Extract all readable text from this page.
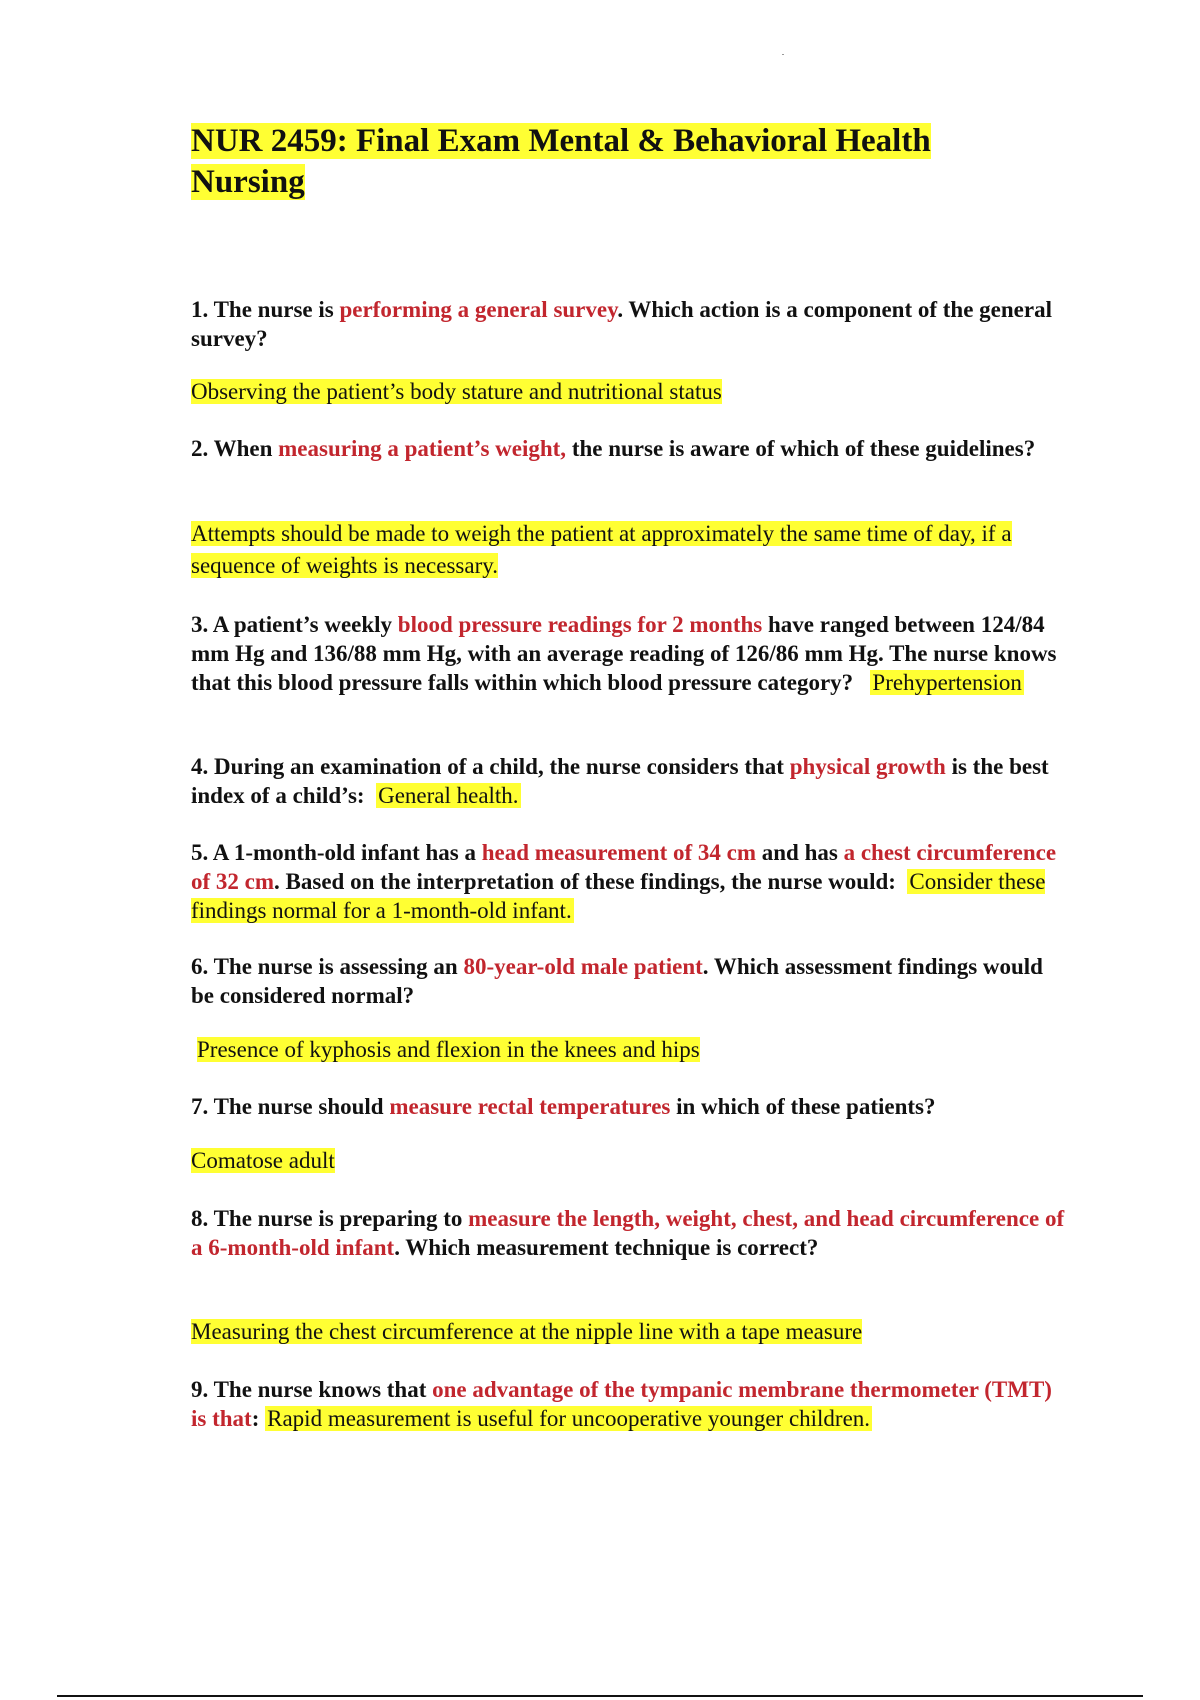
NUR 2459: Final Exam Mental & Behavioral Health Nursing

1. The nurse is performing a general survey. Which action is a component of the general survey?

Observing the patient’s body stature and nutritional status

2. When measuring a patient’s weight, the nurse is aware of which of these guidelines?

Attempts should be made to weigh the patient at approximately the same time of day, if a sequence of weights is necessary.

3. A patient’s weekly blood pressure readings for 2 months have ranged between 124/84 mm Hg and 136/88 mm Hg, with an average reading of 126/86 mm Hg. The nurse knows that this blood pressure falls within which blood pressure category? Prehypertension

4. During an examination of a child, the nurse considers that physical growth is the best index of a child’s: General health.

5. A 1-month-old infant has a head measurement of 34 cm and has a chest circumference of 32 cm. Based on the interpretation of these findings, the nurse would: Consider these findings normal for a 1-month-old infant.

6. The nurse is assessing an 80-year-old male patient. Which assessment findings would be considered normal?

Presence of kyphosis and flexion in the knees and hips

7. The nurse should measure rectal temperatures in which of these patients?

Comatose adult

8. The nurse is preparing to measure the length, weight, chest, and head circumference of a 6-month-old infant. Which measurement technique is correct?

Measuring the chest circumference at the nipple line with a tape measure

9. The nurse knows that one advantage of the tympanic membrane thermometer (TMT) is that: Rapid measurement is useful for uncooperative younger children.
